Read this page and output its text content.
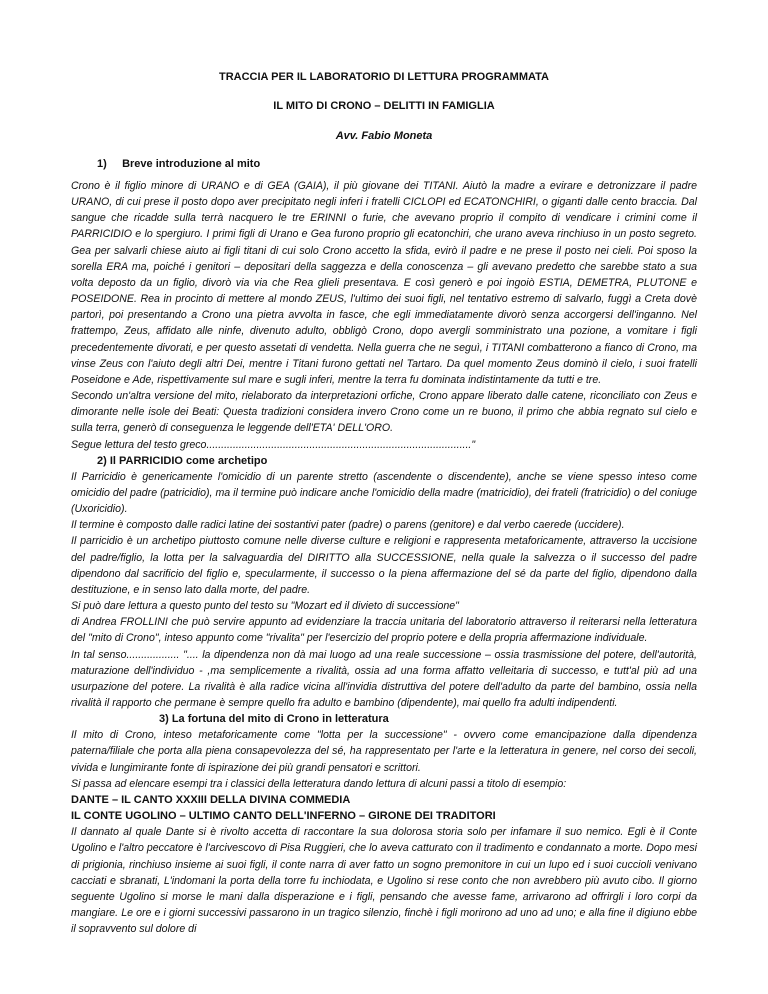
TRACCIA PER IL LABORATORIO DI LETTURA PROGRAMMATA
IL MITO DI CRONO – DELITTI IN FAMIGLIA
Avv. Fabio Moneta
1) Breve introduzione al mito

Crono è il figlio minore di URANO e di GEA (GAIA), il più giovane dei TITANI. Aiutò la madre a evirare e detronizzare il padre URANO, di cui prese il posto dopo aver precipitato negli inferi i fratelli CICLOPI ed ECATONCHIRI, o giganti dalle cento braccia. Dal sangue che ricadde sulla terrà nacquero le tre ERINNI o furie, che avevano proprio il compito di vendicare i crimini come il PARRICIDIO e lo spergiuro. I primi figli di Urano e Gea furono proprio gli ecatonchiri, che urano aveva rinchiuso in un posto segreto. Gea per salvarli chiese aiuto ai figli titani di cui solo Crono accetto la sfida, evirò il padre e ne prese il posto nei cieli. Poi sposo la sorella ERA ma, poiché i genitori – depositari della saggezza e della conoscenza – gli avevano predetto che sarebbe stato a sua volta deposto da un figlio, divorò via via che Rea glieli presentava. E così generò e poi ingoiò ESTIA, DEMETRA, PLUTONE e POSEIDONE. Rea in procinto di mettere al mondo ZEUS, l'ultimo dei suoi figli, nel tentativo estremo di salvarlo, fuggì a Creta dovè partorì, poi presentando a Crono una pietra avvolta in fasce, che egli immediatamente divorò senza accorgersi dell'inganno. Nel frattempo, Zeus, affidato alle ninfe, divenuto adulto, obbligò Crono, dopo avergli somministrato una pozione, a vomitare i figli precedentemente divorati, e per questo assetati di vendetta. Nella guerra che ne seguì, i TITANI combatterono a fianco di Crono, ma vinse Zeus con l'aiuto degli altri Dei, mentre i Titani furono gettati nel Tartaro. Da quel momento Zeus dominò il cielo, i suoi fratelli Poseidone e Ade, rispettivamente sul mare e sugli inferi, mentre la terra fu dominata indistintamente da tutti e tre.

Secondo un'altra versione del mito, rielaborato da interpretazioni orfiche, Crono appare liberato dalle catene, riconciliato con Zeus e dimorante nelle isole dei Beati: Questa tradizioni considera invero Crono come un re buono, il primo che abbia regnato sul cielo e sulla terra, generò di conseguenza le leggende dell'ETA' DELL'ORO.

Segue lettura del testo greco.........................................................................................."

2) Il PARRICIDIO come archetipo

Il Parricidio è genericamente l'omicidio di un parente stretto (ascendente o discendente), anche se viene spesso inteso come omicidio del padre (patricidio), ma il termine può indicare anche l'omicidio della madre (matricidio), dei frateli (fratricidio) o del coniuge (Uxoricidio).

Il termine è composto dalle radici latine dei sostantivi pater (padre) o parens (genitore) e dal verbo caerede (uccidere).

Il parricidio è un archetipo piuttosto comune nelle diverse culture e religioni e rappresenta metaforicamente, attraverso la uccisione del padre/figlio, la lotta per la salvaguardia del DIRITTO alla SUCCESSIONE, nella quale la salvezza o il successo del padre dipendono dal sacrificio del figlio e, specularmente, il successo o la piena affermazione del sé da parte del figlio, dipendono dalla destituzione, e in senso lato dalla morte, del padre.

Si può dare lettura a questo punto del testo su "Mozart ed il divieto di successione"

di Andrea FROLLINI che può servire appunto ad evidenziare la traccia unitaria del laboratorio attraverso il reiterarsi nella letteratura del "mito di Crono", inteso appunto come "rivalita" per l'esercizio del proprio potere e della propria affermazione individuale.

In tal senso.................. ".... la dipendenza non dà mai luogo ad una reale successione – ossia trasmissione del potere, dell'autorità, maturazione dell'individuo - ,ma semplicemente a rivalità, ossia ad una forma affatto velleitaria di successo, e tutt'al più ad una usurpazione del potere. La rivalità è alla radice vicina all'invidia distruttiva del potere dell'adulto da parte del bambino, ossia nella rivalità il rapporto che permane è sempre quello fra adulto e bambino (dipendente), mai quello fra adulti indipendenti.

3) La fortuna del mito di Crono in letteratura

Il mito di Crono, inteso metaforicamente come "lotta per la successione" - ovvero come emancipazione dalla dipendenza paterna/filiale che porta alla piena consapevolezza del sé, ha rappresentato per l'arte e la letteratura in genere, nel corso dei secoli, vivida e lungimirante fonte di ispirazione dei più grandi pensatori e scrittori.

Si passa ad elencare esempi tra i classici della letteratura dando lettura di alcuni passi a titolo di esempio:

DANTE – IL CANTO XXXIII DELLA DIVINA COMMEDIA

IL CONTE UGOLINO – ULTIMO CANTO DELL'INFERNO – GIRONE DEI TRADITORI

Il dannato al quale Dante si è rivolto accetta di raccontare la sua dolorosa storia solo per infamare il suo nemico. Egli è il Conte Ugolino e l'altro peccatore è l'arcivescovo di Pisa Ruggieri, che lo aveva catturato con il tradimento e condannato a morte. Dopo mesi di prigionia, rinchiuso insieme ai suoi figli, il conte narra di aver fatto un sogno premonitore in cui un lupo ed i suoi cuccioli venivano cacciati e sbranati, L'indomani la porta della torre fu inchiodata, e Ugolino si rese conto che non avrebbero più avuto cibo. Il giorno seguente Ugolino si morse le mani dalla disperazione e i figli, pensando che avesse fame, arrivarono ad offrirgli i loro corpi da mangiare. Le ore e i giorni successivi passarono in un tragico silenzio, finchè i figli morirono ad uno ad uno; e alla fine il digiuno ebbe il sopravvento sul dolore di
